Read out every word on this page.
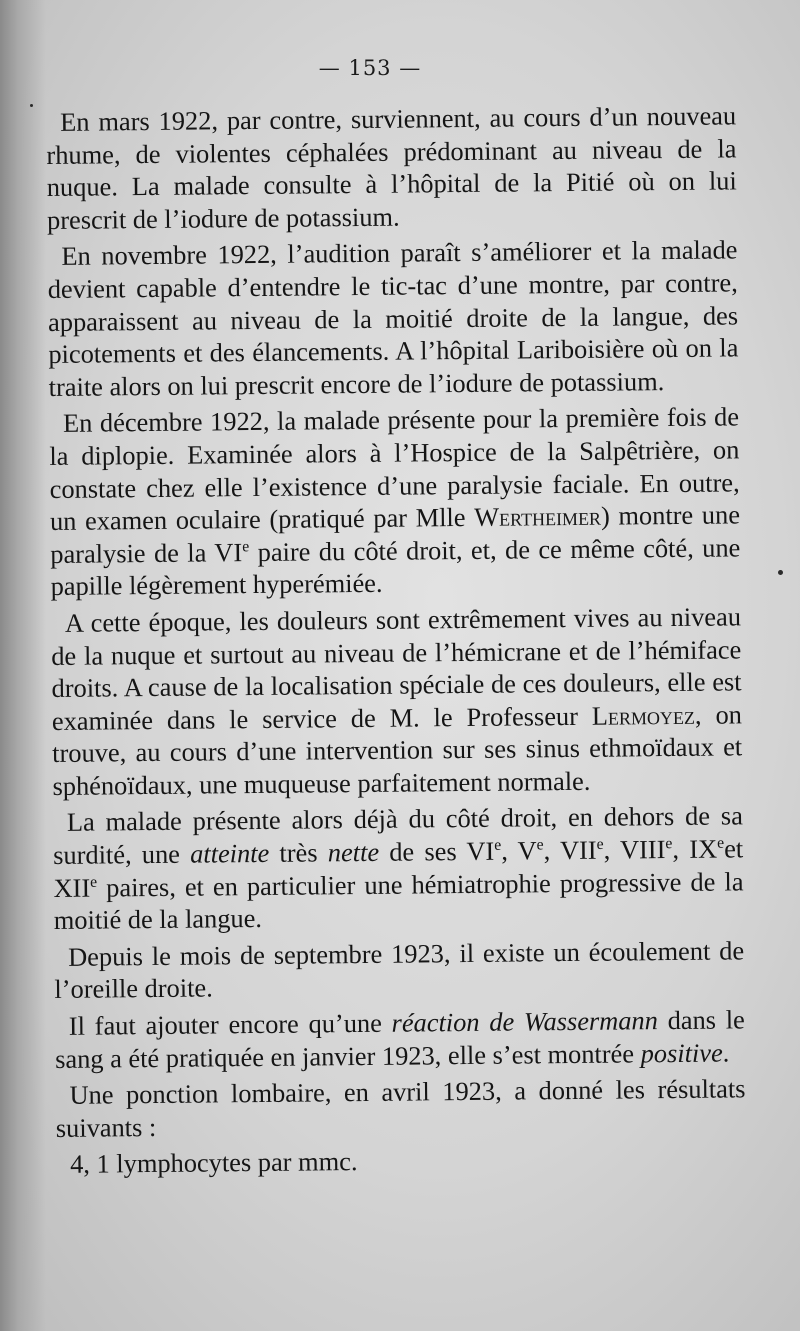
— 153 —

En mars 1922, par contre, surviennent, au cours d’un nouveau rhume, de violentes céphalées prédominant au niveau de la nuque. La malade consulte à l’hôpital de la Pitié où on lui prescrit de l’iodure de potassium.

En novembre 1922, l’audition paraît s’améliorer et la malade devient capable d’entendre le tic-tac d’une montre, par contre, apparaissent au niveau de la moitié droite de la langue, des picotements et des élancements. A l’hôpital Lariboisière où on la traite alors on lui prescrit encore de l’iodure de potassium.

En décembre 1922, la malade présente pour la première fois de la diplopie. Examinée alors à l’Hospice de la Salpêtrière, on constate chez elle l’existence d’une paralysie faciale. En outre, un examen oculaire (pratiqué par Mlle Wertheimer) montre une paralysie de la VIe paire du côté droit, et, de ce même côté, une papille légèrement hyperémiée.

A cette époque, les douleurs sont extrêmement vives au niveau de la nuque et surtout au niveau de l’hémicrane et de l’hémiface droits. A cause de la localisation spéciale de ces douleurs, elle est examinée dans le service de M. le Professeur Lermoyez, on trouve, au cours d’une intervention sur ses sinus ethmoïdaux et sphénoïdaux, une muqueuse parfaitement normale.

La malade présente alors déjà du côté droit, en dehors de sa surdité, une atteinte très nette de ses VIe, Ve, VIIe, VIIIe, IXeet XIIe paires, et en particulier une hémiatrophie progressive de la moitié de la langue.

Depuis le mois de septembre 1923, il existe un écoulement de l’oreille droite.

Il faut ajouter encore qu’une réaction de Wassermann dans le sang a été pratiquée en janvier 1923, elle s’est montrée positive.

Une ponction lombaire, en avril 1923, a donné les résultats suivants :

4, 1 lymphocytes par mmc.
